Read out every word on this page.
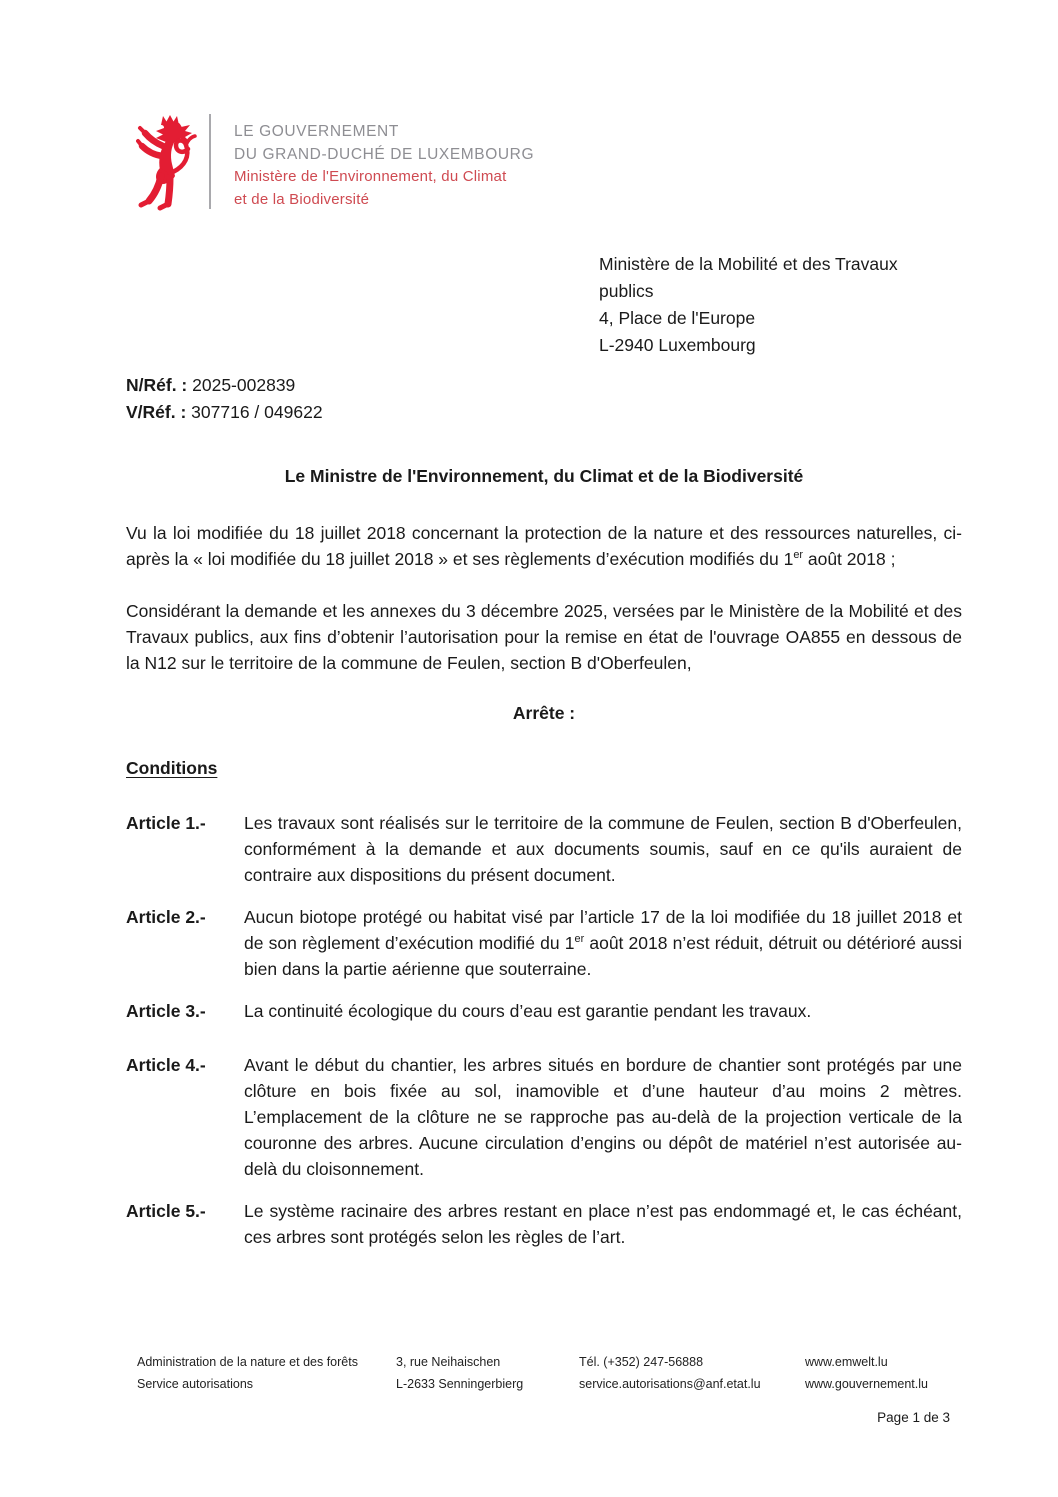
LE GOUVERNEMENT
DU GRAND-DUCHÉ DE LUXEMBOURG
Ministère de l'Environnement, du Climat
et de la Biodiversité
Ministère de la Mobilité et des Travaux
publics
4, Place de l'Europe
L-2940 Luxembourg
N/Réf. : 2025-002839
V/Réf. : 307716 / 049622
Le Ministre de l'Environnement, du Climat et de la Biodiversité

Vu la loi modifiée du 18 juillet 2018 concernant la protection de la nature et des ressources naturelles, ci-après la « loi modifiée du 18 juillet 2018 » et ses règlements d’exécution modifiés du 1er août 2018 ;

Considérant la demande et les annexes du 3 décembre 2025, versées par le Ministère de la Mobilité et des Travaux publics, aux fins d’obtenir l’autorisation pour la remise en état de l'ouvrage OA855 en dessous de la N12 sur le territoire de la commune de Feulen, section B d'Oberfeulen,

Arrête :
Conditions
Article 1.-	Les travaux sont réalisés sur le territoire de la commune de Feulen, section B d'Oberfeulen, conformément à la demande et aux documents soumis, sauf en ce qu'ils auraient de contraire aux dispositions du présent document.
Article 2.-	Aucun biotope protégé ou habitat visé par l’article 17 de la loi modifiée du 18 juillet 2018 et de son règlement d’exécution modifié du 1er août 2018 n’est réduit, détruit ou détérioré aussi bien dans la partie aérienne que souterraine.
Article 3.-	La continuité écologique du cours d’eau est garantie pendant les travaux.
Article 4.-	Avant le début du chantier, les arbres situés en bordure de chantier sont protégés par une clôture en bois fixée au sol, inamovible et d’une hauteur d’au moins 2 mètres. L’emplacement de la clôture ne se rapproche pas au-delà de la projection verticale de la couronne des arbres. Aucune circulation d’engins ou dépôt de matériel n’est autorisée au-delà du cloisonnement.
Article 5.-	Le système racinaire des arbres restant en place n’est pas endommagé et, le cas échéant, ces arbres sont protégés selon les règles de l’art.
Administration de la nature et des forêts
Service autorisations
3, rue Neihaischen
L-2633 Senningerbierg
Tél. (+352) 247-56888
service.autorisations@anf.etat.lu
www.emwelt.lu
www.gouvernement.lu
Page 1 de 3
